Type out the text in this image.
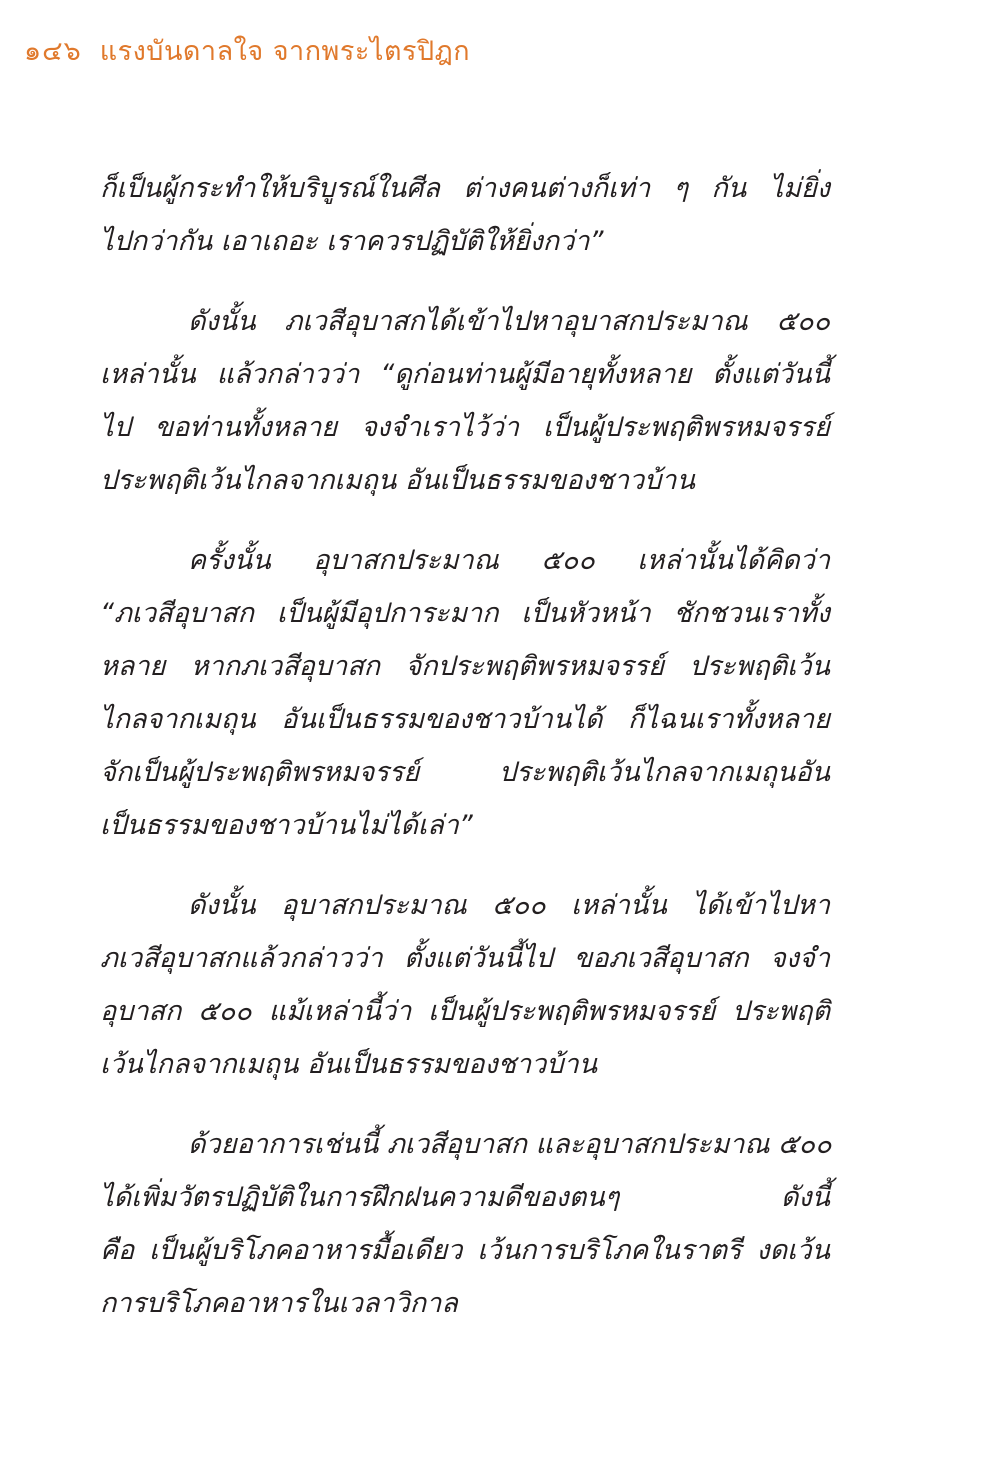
๑๔๖ แรงบันดาลใจ จากพระไตรปิฎก
ก็เป็นผู้กระทำให้บริบูรณ์ในศีล ต่างคนต่างก็เท่า ๆ กัน ไม่ยิ่ง
ไปกว่ากัน เอาเถอะ เราควรปฏิบัติให้ยิ่งกว่า”
ดังนั้น ภเวสีอุบาสกได้เข้าไปหาอุบาสกประมาณ ๕๐๐
เหล่านั้น แล้วกล่าวว่า “ดูก่อนท่านผู้มีอายุทั้งหลาย ตั้งแต่วันนี้
ไป ขอท่านทั้งหลาย จงจำเราไว้ว่า เป็นผู้ประพฤติพรหมจรรย์
ประพฤติเว้นไกลจากเมถุน อันเป็นธรรมของชาวบ้าน
ครั้งนั้น อุบาสกประมาณ ๕๐๐ เหล่านั้นได้คิดว่า
“ภเวสีอุบาสก เป็นผู้มีอุปการะมาก เป็นหัวหน้า ชักชวนเราทั้ง
หลาย หากภเวสีอุบาสก จักประพฤติพรหมจรรย์ ประพฤติเว้น
ไกลจากเมถุน อันเป็นธรรมของชาวบ้านได้ ก็ไฉนเราทั้งหลาย
จักเป็นผู้ประพฤติพรหมจรรย์ ประพฤติเว้นไกลจากเมถุนอัน
เป็นธรรมของชาวบ้านไม่ได้เล่า”
ดังนั้น อุบาสกประมาณ ๕๐๐ เหล่านั้น ได้เข้าไปหา
ภเวสีอุบาสกแล้วกล่าวว่า ตั้งแต่วันนี้ไป ขอภเวสีอุบาสก จงจำ
อุบาสก ๕๐๐ แม้เหล่านี้ว่า เป็นผู้ประพฤติพรหมจรรย์ ประพฤติ
เว้นไกลจากเมถุน อันเป็นธรรมของชาวบ้าน
ด้วยอาการเช่นนี้ ภเวสีอุบาสก และอุบาสกประมาณ ๕๐๐
ได้เพิ่มวัตรปฏิบัติในการฝึกฝนความดีของตนๆ ดังนี้
คือ เป็นผู้บริโภคอาหารมื้อเดียว เว้นการบริโภคในราตรี งดเว้น
การบริโภคอาหารในเวลาวิกาล
